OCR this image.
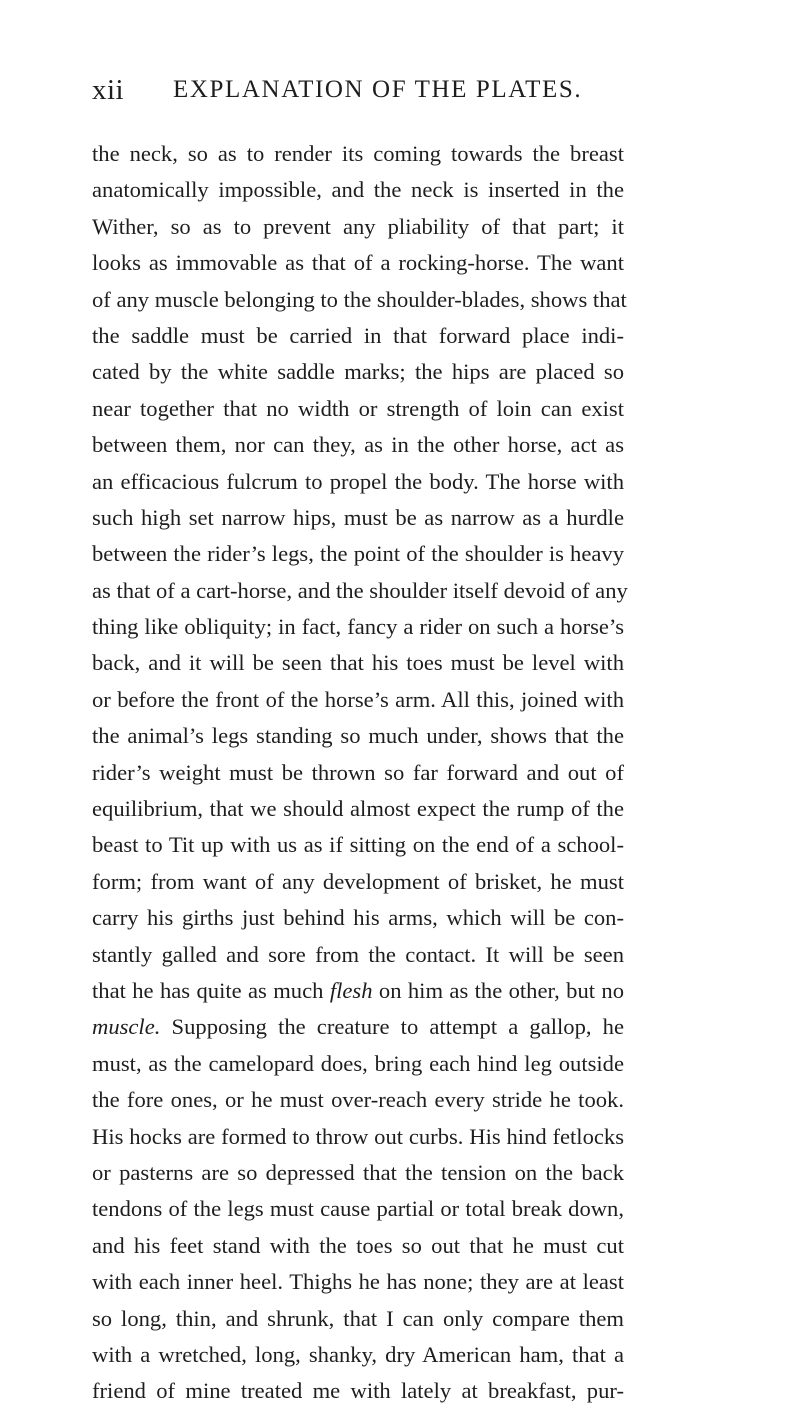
xii EXPLANATION OF THE PLATES.
the neck, so as to render its coming towards the breast
anatomically impossible, and the neck is inserted in the
Wither, so as to prevent any pliability of that part; it
looks as immovable as that of a rocking-horse. The want
of any muscle belonging to the shoulder-blades, shows that
the saddle must be carried in that forward place indi-
cated by the white saddle marks; the hips are placed so
near together that no width or strength of loin can exist
between them, nor can they, as in the other horse, act as
an efficacious fulcrum to propel the body. The horse with
such high set narrow hips, must be as narrow as a hurdle
between the rider’s legs, the point of the shoulder is heavy
as that of a cart-horse, and the shoulder itself devoid of any
thing like obliquity; in fact, fancy a rider on such a horse’s
back, and it will be seen that his toes must be level with
or before the front of the horse’s arm. All this, joined with
the animal’s legs standing so much under, shows that the
rider’s weight must be thrown so far forward and out of
equilibrium, that we should almost expect the rump of the
beast to Tit up with us as if sitting on the end of a school-
form; from want of any development of brisket, he must
carry his girths just behind his arms, which will be con-
stantly galled and sore from the contact. It will be seen
that he has quite as much flesh on him as the other, but no
muscle. Supposing the creature to attempt a gallop, he
must, as the camelopard does, bring each hind leg outside
the fore ones, or he must over-reach every stride he took.
His hocks are formed to throw out curbs. His hind fetlocks
or pasterns are so depressed that the tension on the back
tendons of the legs must cause partial or total break down,
and his feet stand with the toes so out that he must cut
with each inner heel. Thighs he has none; they are at least
so long, thin, and shrunk, that I can only compare them
with a wretched, long, shanky, dry American ham, that a
friend of mine treated me with lately at breakfast, pur-
